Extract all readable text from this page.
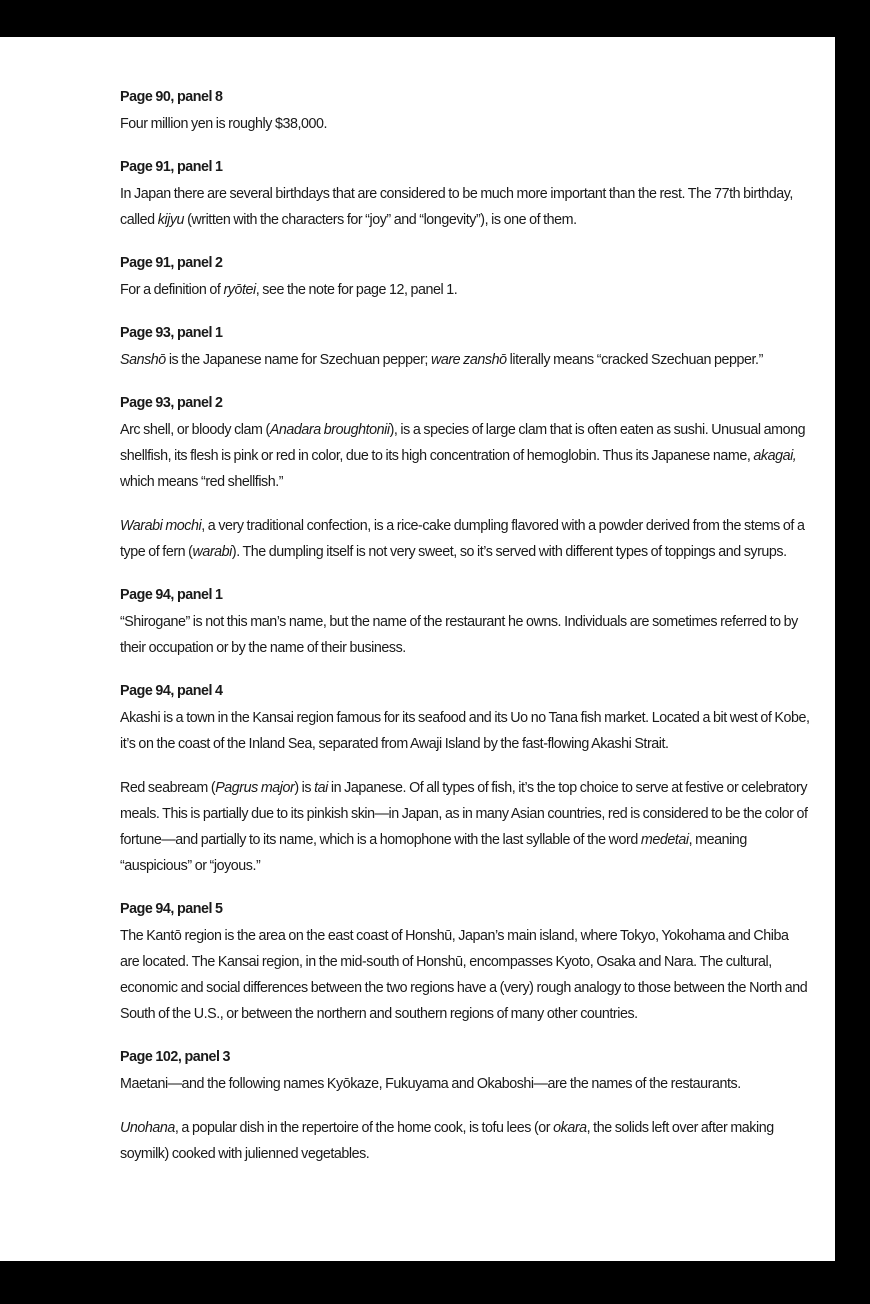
Page 90, panel 8

Four million yen is roughly $38,000.

Page 91, panel 1

In Japan there are several birthdays that are considered to be much more important than the rest. The 77th birthday, called kijyu (written with the characters for “joy” and “longevity”), is one of them.

Page 91, panel 2

For a definition of ryōtei, see the note for page 12, panel 1.

Page 93, panel 1

Sanshō is the Japanese name for Szechuan pepper; ware zanshō literally means “cracked Szechuan pepper.”

Page 93, panel 2

Arc shell, or bloody clam (Anadara broughtonii), is a species of large clam that is often eaten as sushi. Unusual among shellfish, its flesh is pink or red in color, due to its high concentration of hemoglobin. Thus its Japanese name, akagai, which means “red shellfish.”

Warabi mochi, a very traditional confection, is a rice-cake dumpling flavored with a powder derived from the stems of a type of fern (warabi). The dumpling itself is not very sweet, so it’s served with different types of toppings and syrups.

Page 94, panel 1

“Shirogane” is not this man’s name, but the name of the restaurant he owns. Individuals are sometimes referred to by their occupation or by the name of their business.

Page 94, panel 4

Akashi is a town in the Kansai region famous for its seafood and its Uo no Tana fish market. Located a bit west of Kobe, it’s on the coast of the Inland Sea, separated from Awaji Island by the fast-flowing Akashi Strait.

Red seabream (Pagrus major) is tai in Japanese. Of all types of fish, it’s the top choice to serve at festive or celebratory meals. This is partially due to its pinkish skin—in Japan, as in many Asian countries, red is considered to be the color of fortune—and partially to its name, which is a homophone with the last syllable of the word medetai, meaning “auspicious” or “joyous.”

Page 94, panel 5

The Kantō region is the area on the east coast of Honshū, Japan’s main island, where Tokyo, Yokohama and Chiba are located. The Kansai region, in the mid-south of Honshū, encompasses Kyoto, Osaka and Nara. The cultural, economic and social differences between the two regions have a (very) rough analogy to those between the North and South of the U.S., or between the northern and southern regions of many other countries.

Page 102, panel 3

Maetani—and the following names Kyōkaze, Fukuyama and Okaboshi—are the names of the restaurants.

Unohana, a popular dish in the repertoire of the home cook, is tofu lees (or okara, the solids left over after making soymilk) cooked with julienned vegetables.
